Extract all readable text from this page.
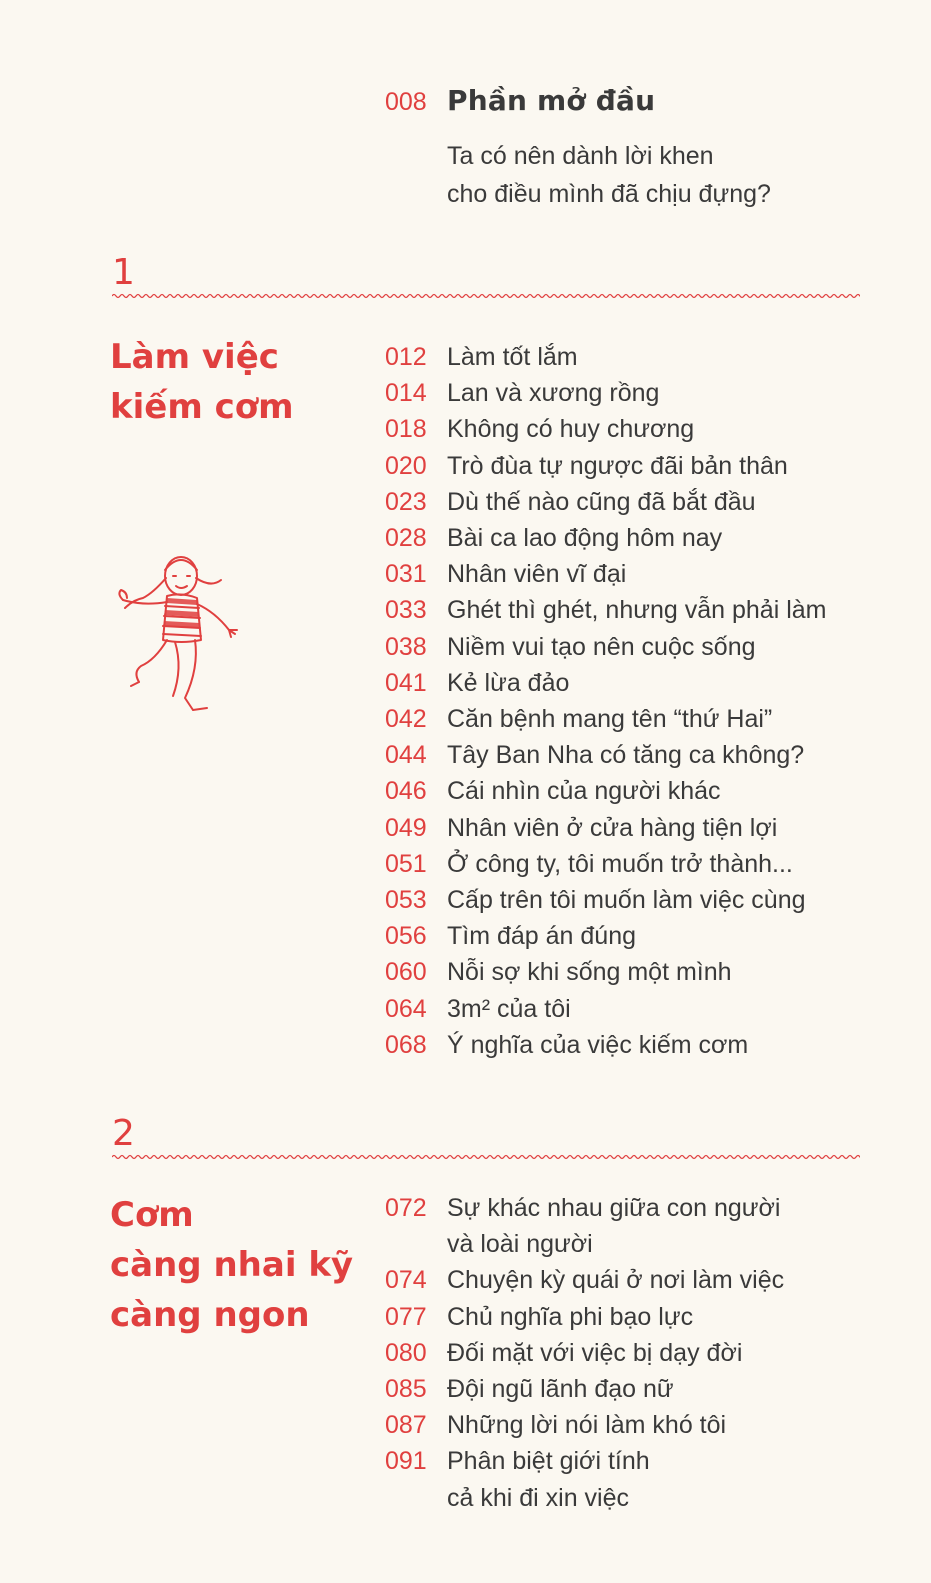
008 Phần mở đầu
Ta có nên dành lời khen
cho điều mình đã chịu đựng?
1
Làm việc
kiếm cơm
012 Làm tốt lắm
014 Lan và xương rồng
018 Không có huy chương
020 Trò đùa tự ngược đãi bản thân
023 Dù thế nào cũng đã bắt đầu
028 Bài ca lao động hôm nay
031 Nhân viên vĩ đại
033 Ghét thì ghét, nhưng vẫn phải làm
038 Niềm vui tạo nên cuộc sống
041 Kẻ lừa đảo
042 Căn bệnh mang tên “thứ Hai”
044 Tây Ban Nha có tăng ca không?
046 Cái nhìn của người khác
049 Nhân viên ở cửa hàng tiện lợi
051 Ở công ty, tôi muốn trở thành...
053 Cấp trên tôi muốn làm việc cùng
056 Tìm đáp án đúng
060 Nỗi sợ khi sống một mình
064 3m² của tôi
068 Ý nghĩa của việc kiếm cơm
2
Cơm
càng nhai kỹ
càng ngon
072 Sự khác nhau giữa con người
và loài người
074 Chuyện kỳ quái ở nơi làm việc
077 Chủ nghĩa phi bạo lực
080 Đối mặt với việc bị dạy đời
085 Đội ngũ lãnh đạo nữ
087 Những lời nói làm khó tôi
091 Phân biệt giới tính
cả khi đi xin việc
